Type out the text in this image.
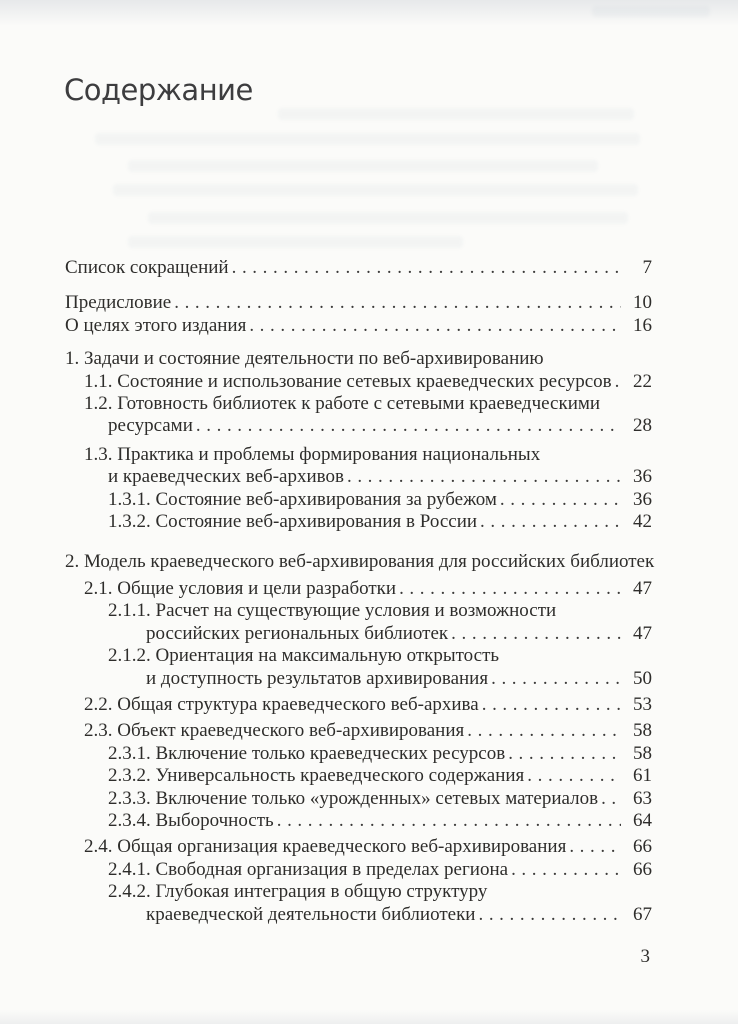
Содержание
Список сокращений .....	7
Предисловие .....	10
О целях этого издания .....	16
1. Задачи и состояние деятельности по веб-архивированию
1.1. Состояние и использование сетевых краеведческих ресурсов .....	22
1.2. Готовность библиотек к работе с сетевыми краеведческими
ресурсами .....	28
1.3. Практика и проблемы формирования национальных
и краеведческих веб-архивов .....	36
1.3.1. Состояние веб-архивирования за рубежом .....	36
1.3.2. Состояние веб-архивирования в России .....	42
2. Модель краеведческого веб-архивирования для российских библиотек
2.1. Общие условия и цели разработки .....	47
2.1.1. Расчет на существующие условия и возможности
российских региональных библиотек .....	47
2.1.2. Ориентация на максимальную открытость
и доступность результатов архивирования .....	50
2.2. Общая структура краеведческого веб-архива .....	53
2.3. Объект краеведческого веб-архивирования .....	58
2.3.1. Включение только краеведческих ресурсов .....	58
2.3.2. Универсальность краеведческого содержания .....	61
2.3.3. Включение только «урожденных» сетевых материалов .....	63
2.3.4. Выборочность .....	64
2.4. Общая организация краеведческого веб-архивирования .....	66
2.4.1. Свободная организация в пределах региона .....	66
2.4.2. Глубокая интеграция в общую структуру
краеведческой деятельности библиотеки .....	67
3
